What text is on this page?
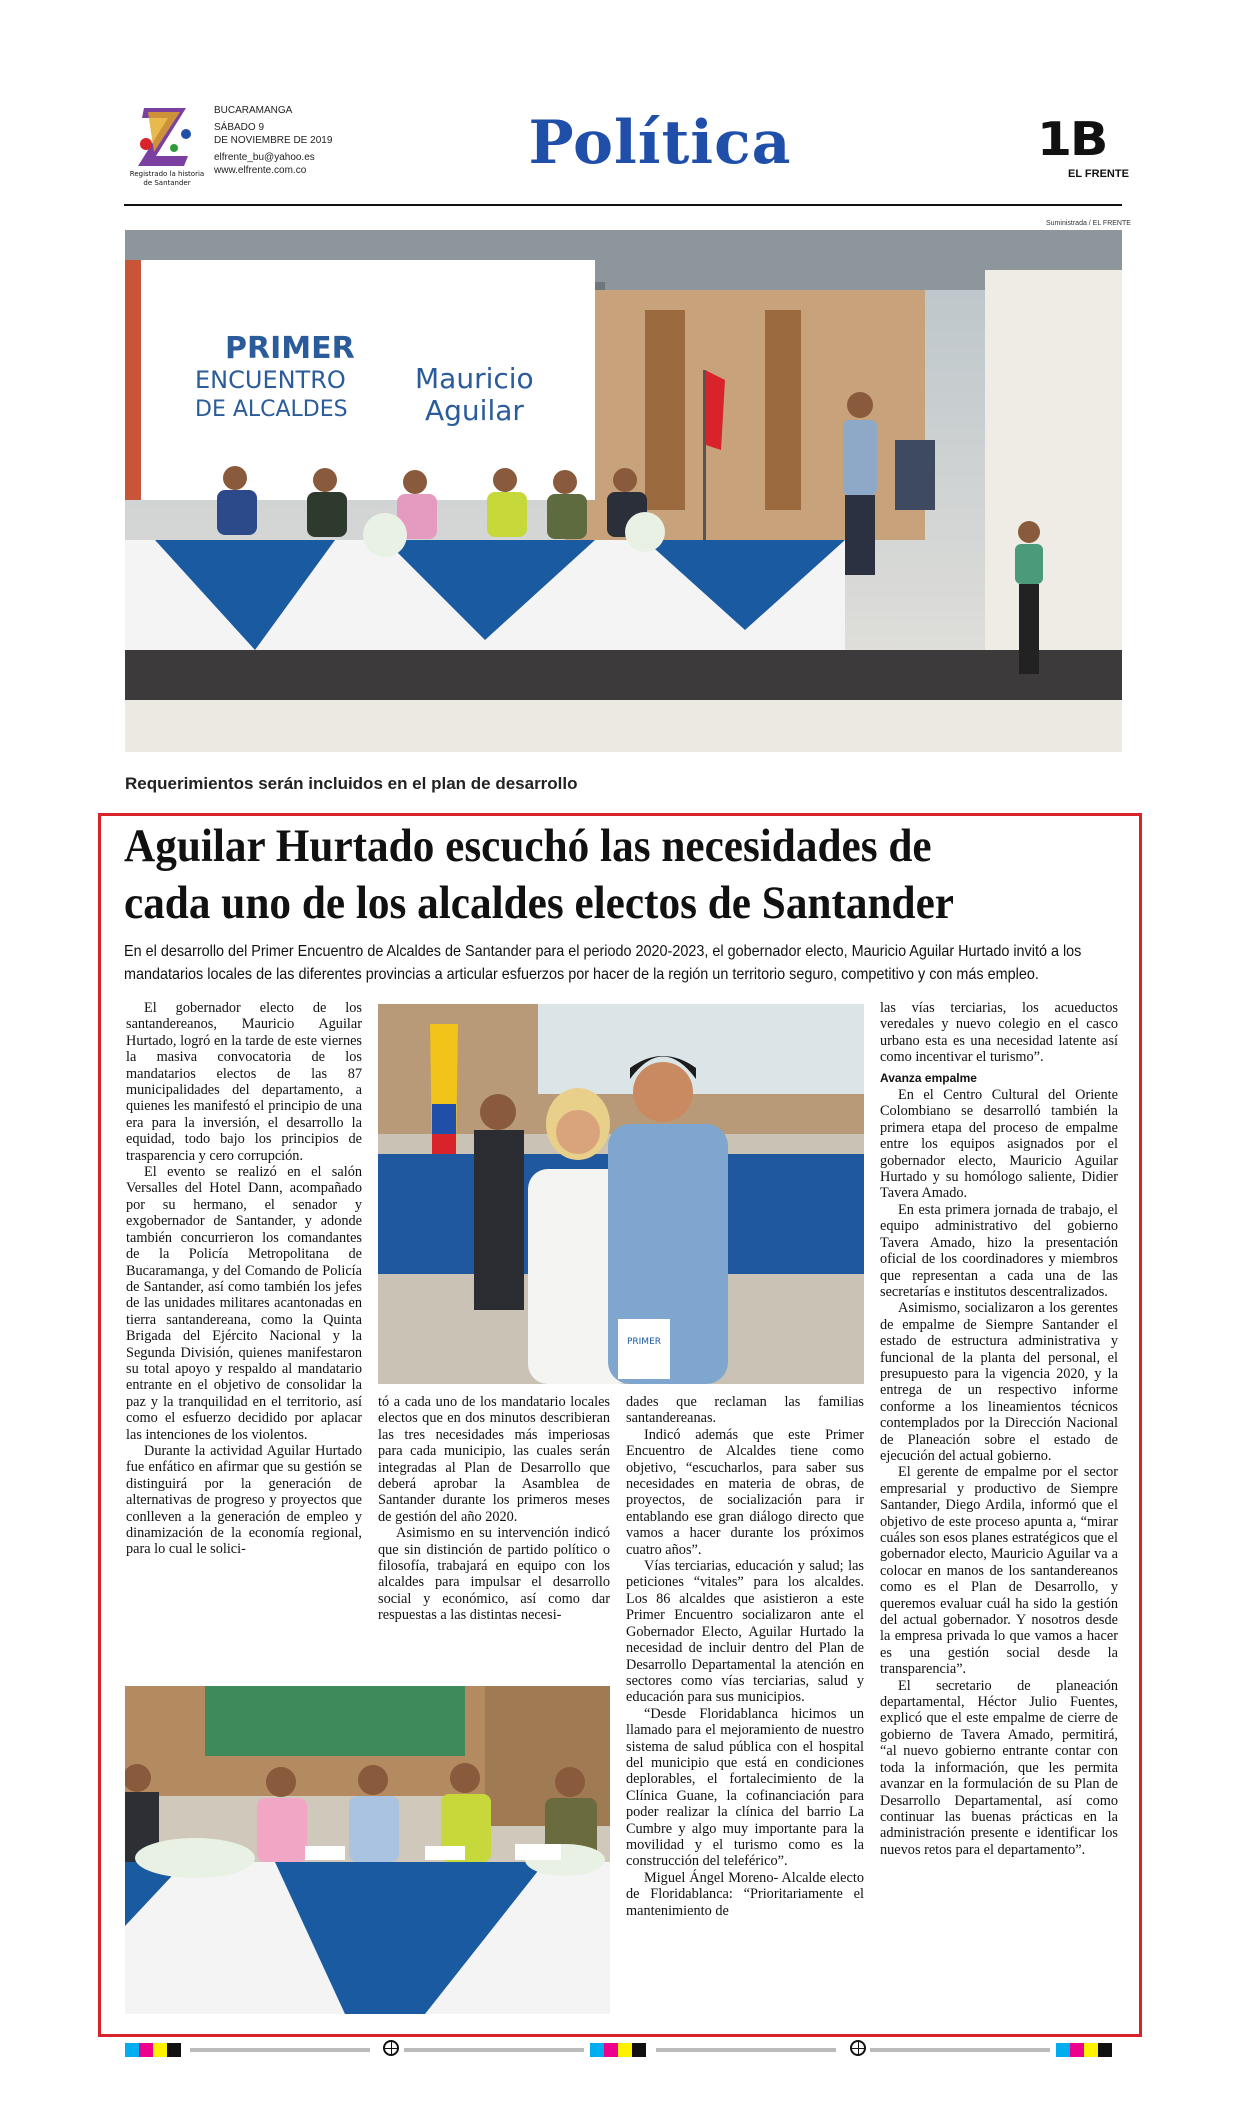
Registrado la historia
de Santander
BUCARAMANGA
SÁBADO 9
DE NOVIEMBRE DE 2019
elfrente_bu@yahoo.es
www.elfrente.com.co	Política	1B
EL FRENTE
Suministrada / EL FRENTE
PRIMER
ENCUENTRO
DE ALCALDES
Mauricio
Aguilar
Requerimientos serán incluidos en el plan de desarrollo
Aguilar Hurtado escuchó las necesidades de
cada uno de los alcaldes electos de Santander
En el desarrollo del Primer Encuentro de Alcaldes de Santander para el periodo 2020-2023, el gobernador electo, Mauricio Aguilar Hurtado invitó a los mandatarios locales de las diferentes provincias a articular esfuerzos por hacer de la región un territorio seguro, competitivo y con más empleo.

El gobernador electo de los santandereanos, Mauricio Aguilar Hurtado, logró en la tarde de este viernes la masiva convocatoria de los mandatarios electos de las 87 municipalidades del departamento, a quienes les manifestó el principio de una era para la inversión, el desarrollo la equidad, todo bajo los principios de trasparencia y cero corrupción.

El evento se realizó en el salón Versalles del Hotel Dann, acompañado por su hermano, el senador y exgobernador de Santander, y adonde también concurrieron los comandantes de la Policía Metropolitana de Bucaramanga, y del Comando de Policía de Santander, así como también los jefes de las unidades militares acantonadas en tierra santandereana, como la Quinta Brigada del Ejército Nacional y la Segunda División, quienes manifestaron su total apoyo y respaldo al mandatario entrante en el objetivo de consolidar la paz y la tranquilidad en el territorio, así como el esfuerzo decidido por aplacar las intenciones de los violentos.

Durante la actividad Aguilar Hurtado fue enfático en afirmar que su gestión se distinguirá por la generación de alternativas de progreso y proyectos que conlleven a la generación de empleo y dinamización de la economía regional, para lo cual le solici-

PRIMER

tó a cada uno de los mandatario locales electos que en dos minutos describieran las tres necesidades más imperiosas para cada municipio, las cuales serán integradas al Plan de Desarrollo que deberá aprobar la Asamblea de Santander durante los primeros meses de gestión del año 2020.

Asimismo en su intervención indicó que sin distinción de partido político o filosofía, trabajará en equipo con los alcaldes para impulsar el desarrollo social y económico, así como dar respuestas a las distintas necesi-

dades que reclaman las familias santandereanas.

Indicó además que este Primer Encuentro de Alcaldes tiene como objetivo, “escucharlos, para saber sus necesidades en materia de obras, de proyectos, de socialización para ir entablando ese gran diálogo directo que vamos a hacer durante los próximos cuatro años”.

Vías terciarias, educación y salud; las peticiones “vitales” para los alcaldes. Los 86 alcaldes que asistieron a este Primer Encuentro socializaron ante el Gobernador Electo, Aguilar Hurtado la necesidad de incluir dentro del Plan de Desarrollo Departamental la atención en sectores como vías terciarias, salud y educación para sus municipios.

“Desde Floridablanca hicimos un llamado para el mejoramiento de nuestro sistema de salud pública con el hospital del municipio que está en condiciones deplorables, el fortalecimiento de la Clínica Guane, la cofinanciación para poder realizar la clínica del barrio La Cumbre y algo muy importante para la movilidad y el turismo como es la construcción del teleférico”.

Miguel Ángel Moreno- Alcalde electo de Floridablanca: “Prioritariamente el mantenimiento de

las vías terciarias, los acueductos veredales y nuevo colegio en el casco urbano esta es una necesidad latente así como incentivar el turismo”.

Avanza empalme

En el Centro Cultural del Oriente Colombiano se desarrolló también la primera etapa del proceso de empalme entre los equipos asignados por el gobernador electo, Mauricio Aguilar Hurtado y su homólogo saliente, Didier Tavera Amado.

En esta primera jornada de trabajo, el equipo administrativo del gobierno Tavera Amado, hizo la presentación oficial de los coordinadores y miembros que representan a cada una de las secretarías e institutos descentralizados.

Asimismo, socializaron a los gerentes de empalme de Siempre Santander el estado de estructura administrativa y funcional de la planta del personal, el presupuesto para la vigencia 2020, y la entrega de un respectivo informe conforme a los lineamientos técnicos contemplados por la Dirección Nacional de Planeación sobre el estado de ejecución del actual gobierno.

El gerente de empalme por el sector empresarial y productivo de Siempre Santander, Diego Ardila, informó que el objetivo de este proceso apunta a, “mirar cuáles son esos planes estratégicos que el gobernador electo, Mauricio Aguilar va a colocar en manos de los santandereanos como es el Plan de Desarrollo, y queremos evaluar cuál ha sido la gestión del actual gobernador. Y nosotros desde la empresa privada lo que vamos a hacer es una gestión social desde la transparencia”.

El secretario de planeación departamental, Héctor Julio Fuentes, explicó que el este empalme de cierre de gobierno de Tavera Amado, permitirá, “al nuevo gobierno entrante contar con toda la información, que les permita avanzar en la formulación de su Plan de Desarrollo Departamental, así como continuar las buenas prácticas en la administración presente e identificar los nuevos retos para el departamento”.
